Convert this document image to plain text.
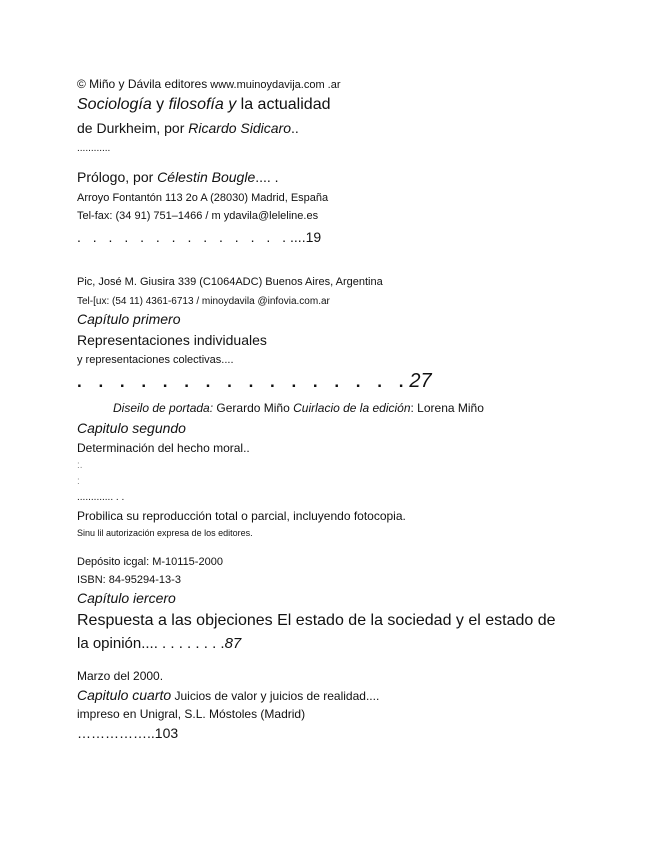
© Miño y Dávila editores www.muinoydavija.com .ar
Sociología y filosofía y la actualidad
de Durkheim, por Ricardo Sidicaro..
............
Prólogo, por Célestin Bougle.... .
Arroyo Fontantón 113 2o A (28030) Madrid, España
Tel-fax: (34 91) 751–1466 / m ydavila@leleline.es
. . . . . . . . . . . . . .....19
Pic, José M. Giusira 339 (C1064ADC) Buenos Aires, Argentina
Tel-[ux: (54 11) 4361-6713 / minoydavila @infovia.com.ar
Capítulo primero
Representaciones individuales
y representaciones colectivas....
. . . . . . . . . . . . . . . .27
Diseilo de portada: Gerardo Miño Cuirlacio de la edición: Lorena Miño
Capitulo segundo
Determinación del hecho moral..
:.
:
............. . .
Probilica su reproducción total o parcial, incluyendo fotocopia.
Sinu lil autorización expresa de los editores.
Depósito icgal: M-10115-2000
ISBN: 84-95294-13-3
Capítulo iercero
Respuesta a las objeciones El estado de la sociedad y el estado de
la opinión.... . . . . . . . .87
Marzo del 2000.
Capitulo cuarto Juicios de valor y juicios de realidad....
impreso en Unigral, S.L. Móstoles (Madrid)
……………..103
